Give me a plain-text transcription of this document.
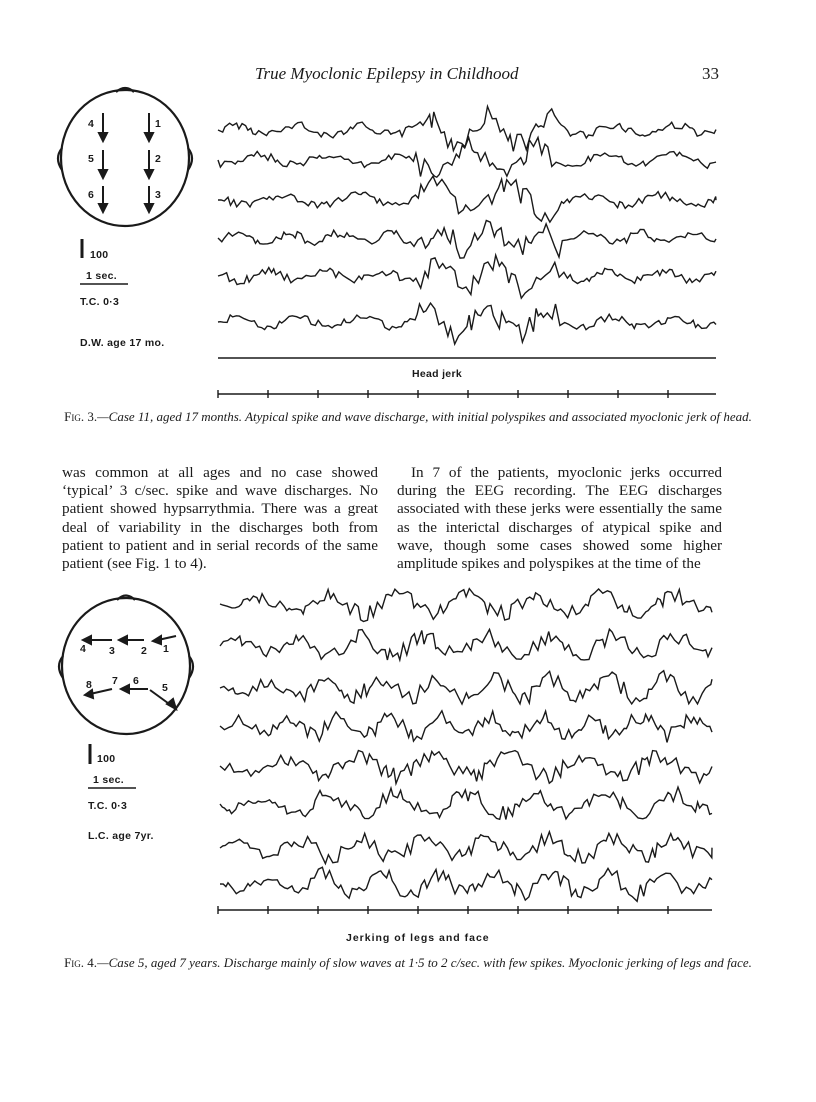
True Myoclonic Epilepsy in Childhood	33
4
5
6
1
2
3
100
1 sec.
T.C. 0·3
D.W. age 17 mo.
Head jerk
Fig. 3.—Case 11, aged 17 months. Atypical spike and wave discharge, with initial polyspikes and associated myoclonic jerk of head.

was common at all ages and no case showed ‘typical’ 3 c/sec. spike and wave discharges. No patient showed hypsarrythmia. There was a great deal of variability in the discharges both from patient to patient and in serial records of the same patient (see Fig. 1 to 4).

In 7 of the patients, myoclonic jerks occurred during the EEG recording. The EEG discharges associated with these jerks were essentially the same as the interictal discharges of atypical spike and wave, though some cases showed some higher amplitude spikes and polyspikes at the time of the

4 3 2 1
8 7 6
5
100
1 sec.
T.C. 0·3
L.C. age 7yr.
Jerking of legs and face
Fig. 4.—Case 5, aged 7 years. Discharge mainly of slow waves at 1·5 to 2 c/sec. with few spikes. Myoclonic jerking of legs and face.
